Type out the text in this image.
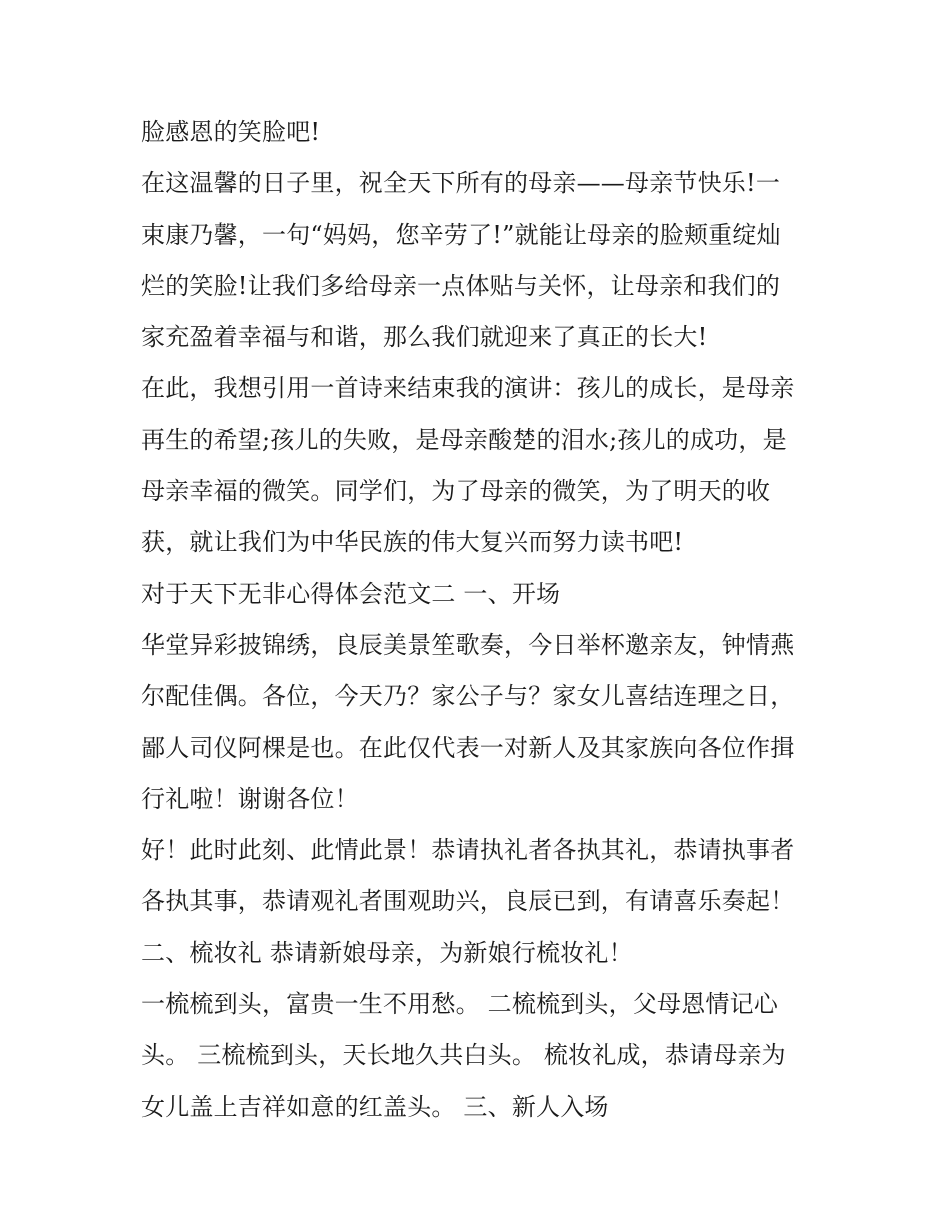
脸感恩的笑脸吧!
在这温馨的日子里，祝全天下所有的母亲——母亲节快乐!一
束康乃馨，一句“妈妈，您辛劳了!”就能让母亲的脸颊重绽灿
烂的笑脸!让我们多给母亲一点体贴与关怀，让母亲和我们的
家充盈着幸福与和谐，那么我们就迎来了真正的长大!
在此，我想引用一首诗来结束我的演讲：孩儿的成长，是母亲
再生的希望;孩儿的失败，是母亲酸楚的泪水;孩儿的成功，是
母亲幸福的微笑。同学们，为了母亲的微笑，为了明天的收
获，就让我们为中华民族的伟大复兴而努力读书吧!
对于天下无非心得体会范文二 一、开场
华堂异彩披锦绣，良辰美景笙歌奏，今日举杯邀亲友，钟情燕
尔配佳偶。各位，今天乃？家公子与？家女儿喜结连理之日，
鄙人司仪阿棵是也。在此仅代表一对新人及其家族向各位作揖
行礼啦！谢谢各位！
好！此时此刻、此情此景！恭请执礼者各执其礼，恭请执事者
各执其事，恭请观礼者围观助兴，良辰已到，有请喜乐奏起！
二、梳妆礼 恭请新娘母亲，为新娘行梳妆礼！
一梳梳到头，富贵一生不用愁。 二梳梳到头，父母恩情记心
头。 三梳梳到头，天长地久共白头。 梳妆礼成，恭请母亲为
女儿盖上吉祥如意的红盖头。 三、新人入场
